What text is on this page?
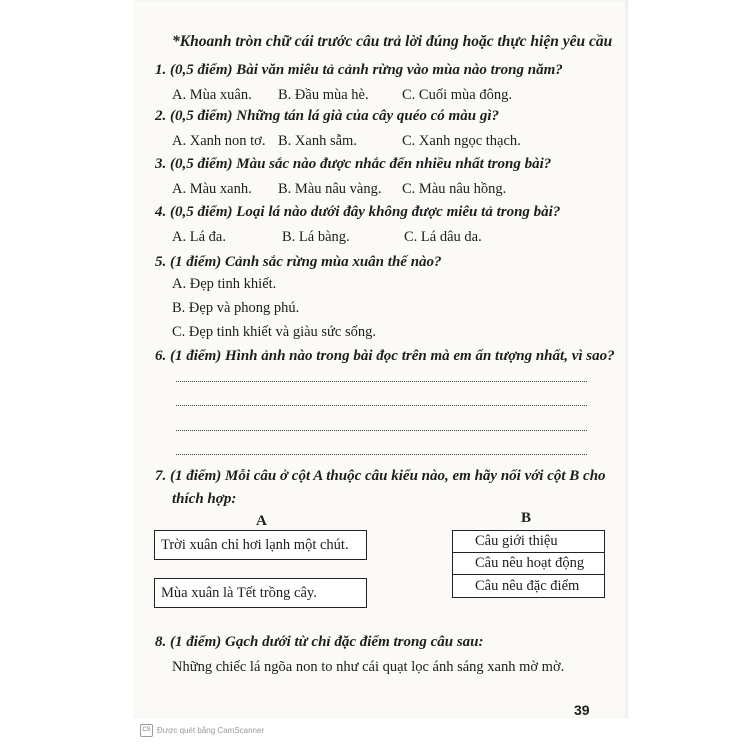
*Khoanh tròn chữ cái trước câu trả lời đúng hoặc thực hiện yêu cầu
1. (0,5 điểm) Bài văn miêu tả cảnh rừng vào mùa nào trong năm?
A. Mùa xuân. B. Đầu mùa hè. C. Cuối mùa đông.
2. (0,5 điểm) Những tán lá già của cây quéo có màu gì?
A. Xanh non tơ. B. Xanh sẫm.	C. Xanh ngọc thạch.
3. (0,5 điểm) Màu sắc nào được nhắc đến nhiều nhất trong bài?
A. Màu xanh. B. Màu nâu vàng. C. Màu nâu hồng.
4. (0,5 điểm) Loại lá nào dưới đây không được miêu tả trong bài?
A. Lá đa.	B. Lá bàng.	C. Lá dâu da.
5. (1 điểm) Cảnh sắc rừng mùa xuân thế nào?
A. Đẹp tinh khiết.
B. Đẹp và phong phú.
C. Đẹp tinh khiết và giàu sức sống.
6. (1 điểm) Hình ảnh nào trong bài đọc trên mà em ấn tượng nhất, vì sao?
7. (1 điểm) Mỗi câu ở cột A thuộc câu kiểu nào, em hãy nối với cột B cho
thích hợp:
A	B
Trời xuân chỉ hơi lạnh một chút.
Mùa xuân là Tết trồng cây.
Câu giới thiệu
Câu nêu hoạt động
Câu nêu đặc điểm
8. (1 điểm) Gạch dưới từ chỉ đặc điểm trong câu sau:
Những chiếc lá ngõa non to như cái quạt lọc ánh sáng xanh mờ mờ.
39
CS Được quét bằng CamScanner
